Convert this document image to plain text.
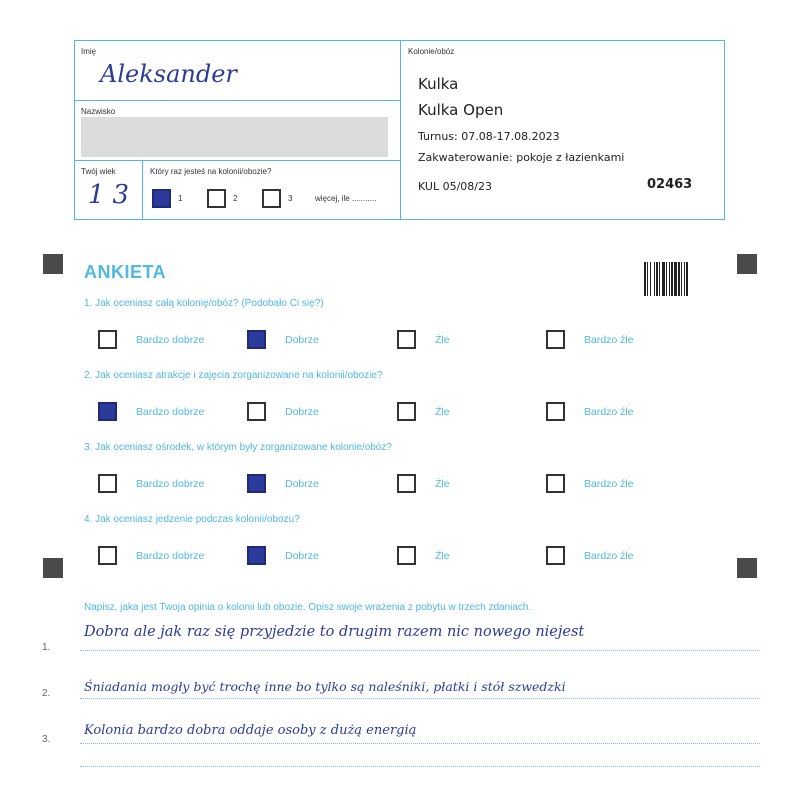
Imię
Aleksander
Nazwisko
Twój wiek
13
Który raz jesteś na kolonii/obozie?
1	2	3	więcej, ile ...........
Kolonie/obóz
Kulka
Kulka Open
Turnus: 07.08-17.08.2023
Zakwaterowanie: pokoje z łazienkami
KUL 05/08/23	02463
ANKIETA
1. Jak oceniasz całą kolonię/obóz? (Podobało Ci się?)
Bardzo dobrze	Dobrze	Źle	Bardzo źle
2. Jak oceniasz atrakcje i zajęcia zorganizowane na kolonii/obozie?
Bardzo dobrze	Dobrze	Źle	Bardzo źle
3. Jak oceniasz ośrodek, w którym były zorganizowane kolonie/obóz?
Bardzo dobrze	Dobrze	Źle	Bardzo źle
4. Jak oceniasz jedzenie podczas kolonii/obozu?
Bardzo dobrze	Dobrze	Źle	Bardzo źle
Napisz, jaka jest Twoja opinia o kolonii lub obozie. Opisz swoje wrażenia z pobytu w trzech zdaniach.
1.
Dobra ale jak raz się przyjedzie to drugim razem nic nowego niejest
2.	Śniadania mogły być trochę inne bo tylko są naleśniki, płatki i stół szwedzki
3.
Kolonia bardzo dobra oddaje osoby z dużą energią
